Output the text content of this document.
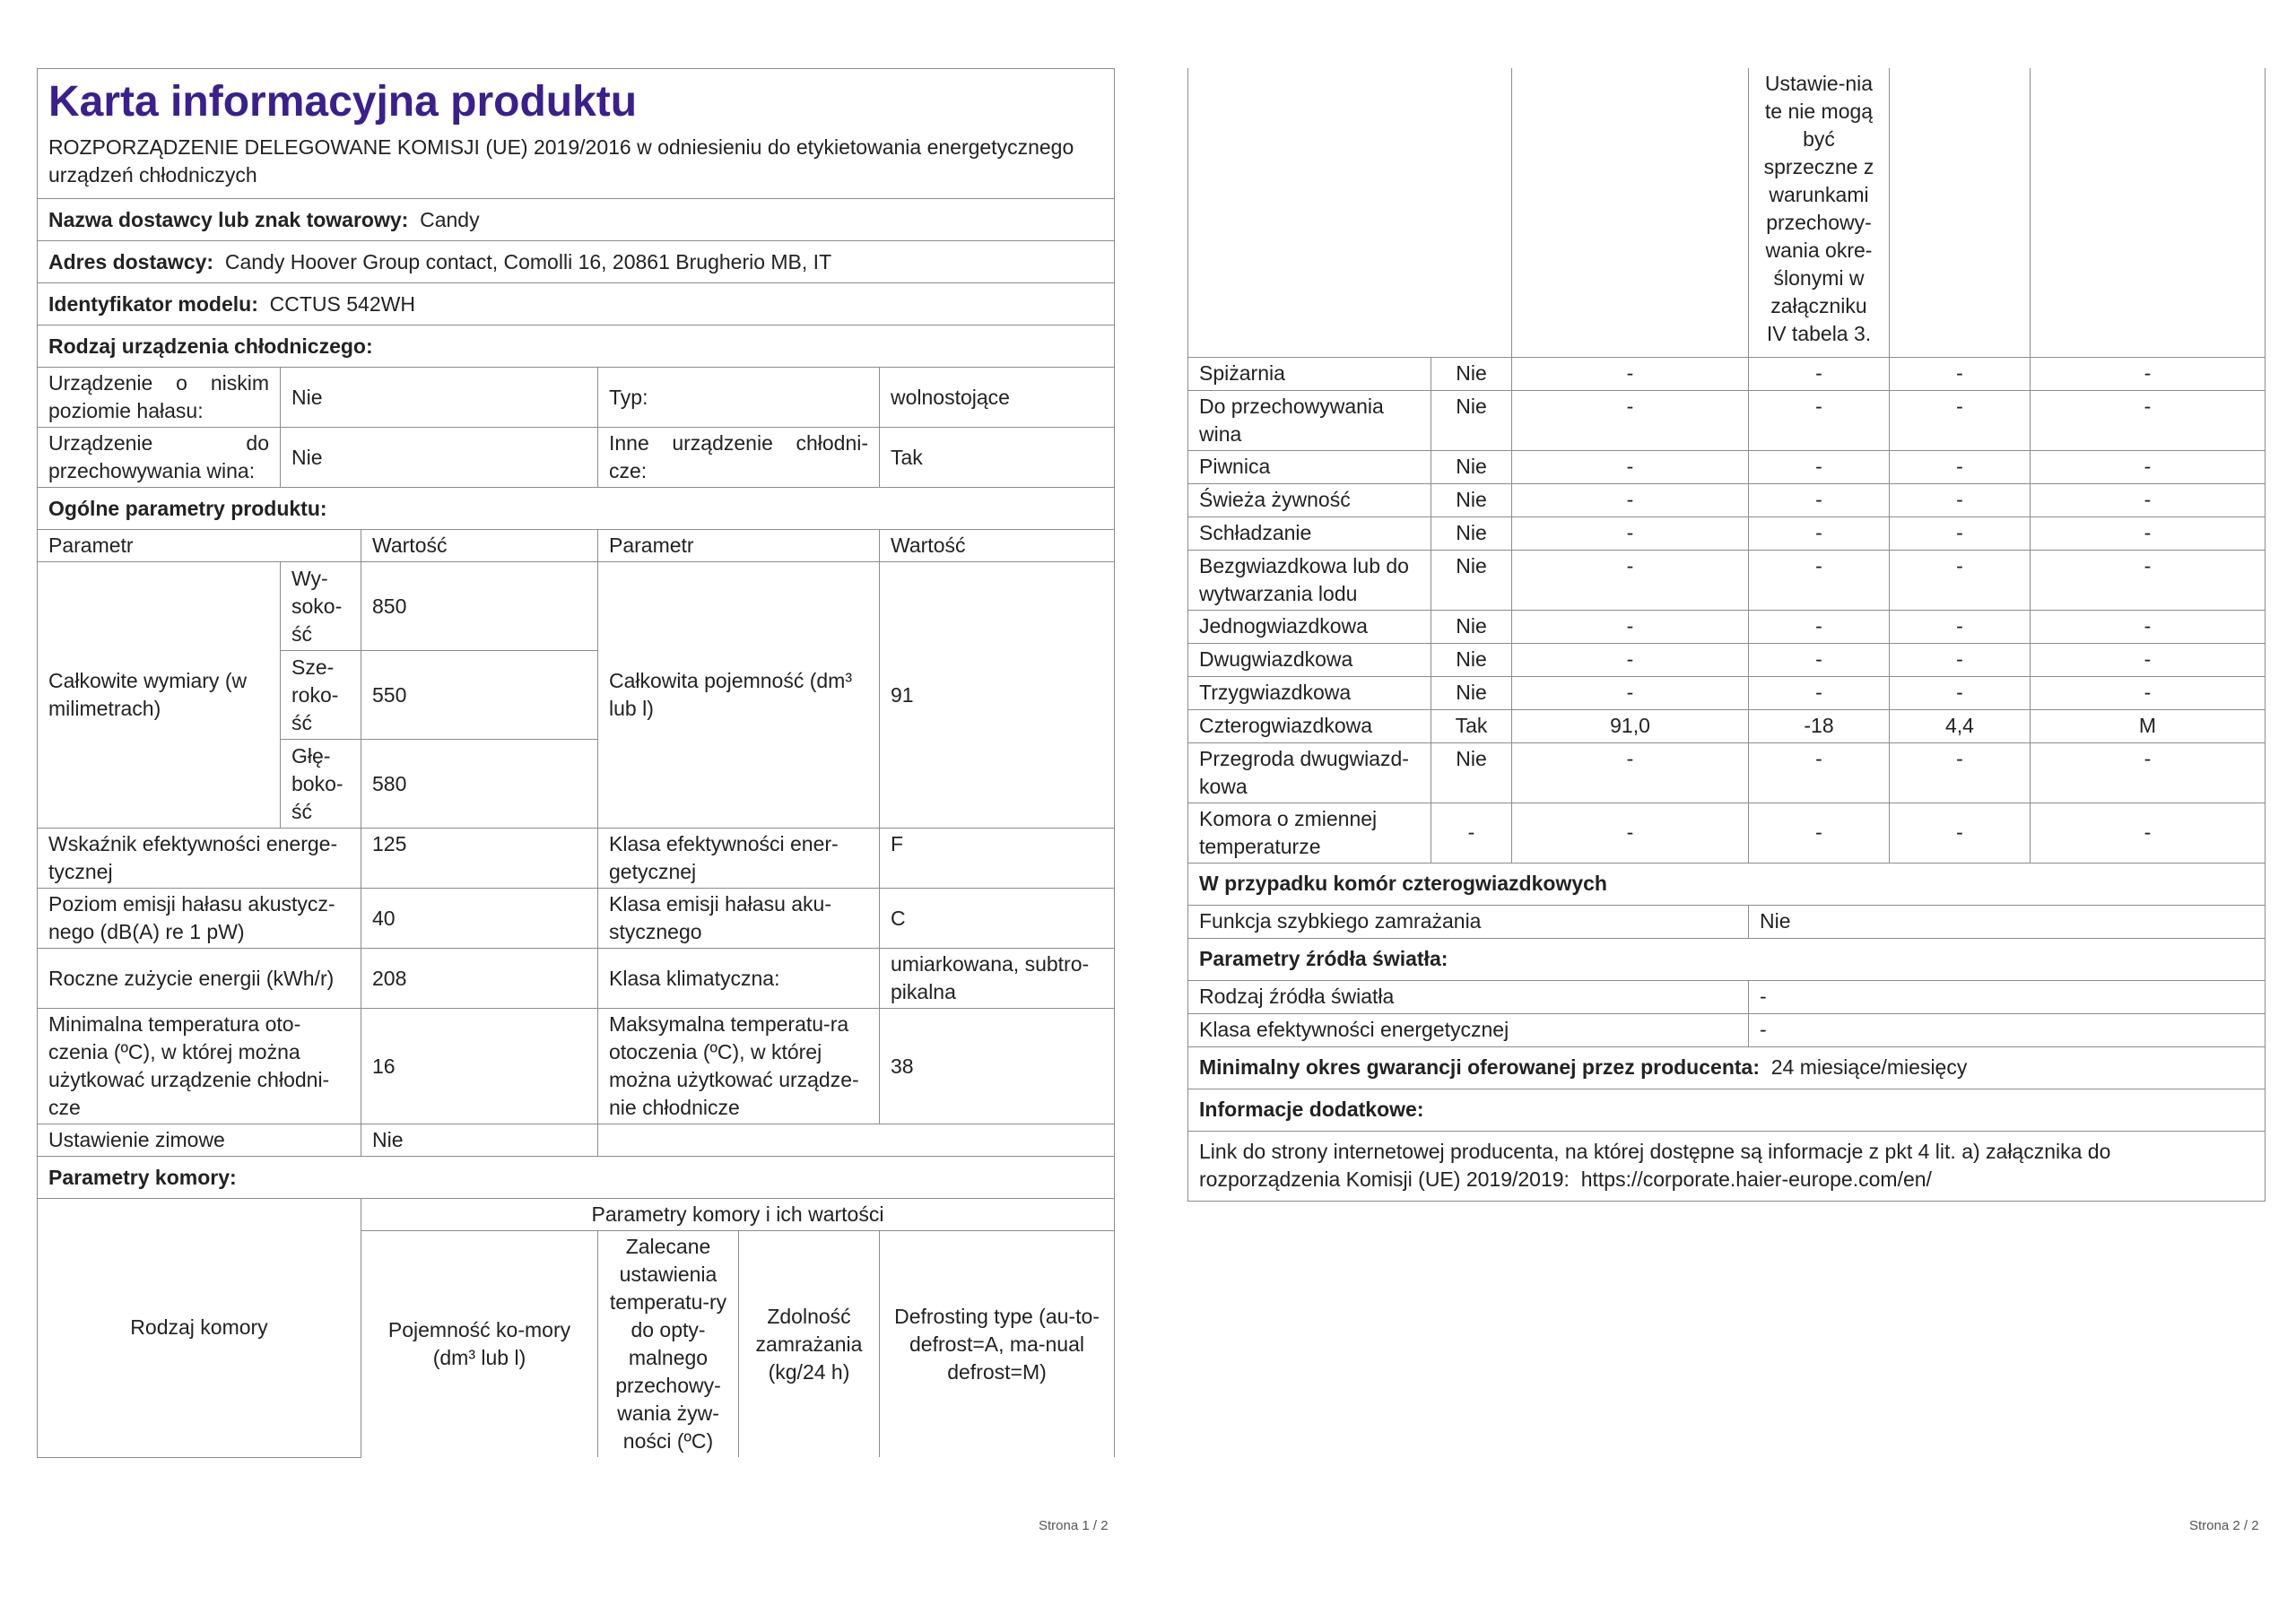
Karta informacyjna produktu					
ROZPORZĄDZENIE DELEGOWANE KOMISJI (UE) 2019/2016 w odniesieniu do etykietowania energetycznego urządzeń chłodniczych					
Nazwa dostawcy lub znak towarowy: Candy					
Adres dostawcy: Candy Hoover Group contact, Comolli 16, 20861 Brugherio MB, IT					
Identyfikator modelu: CCTUS 542WH					
Rodzaj urządzenia chłodniczego:					
Urządzenie o niskim poziomie hałasu:	Nie		Typ:		wolnostojące
Urządzenie do przechowywania wina:	Nie		Inne urządzenie chłodni-cze:		Tak
Ogólne parametry produktu:					
Parametr		Wartość	Parametr		Wartość
Całkowite wymiary (w milimetrach)	Wy-soko-ść	850	Całkowita pojemność (dm³ lub l)		91
	Sze-roko-ść	550			
	Głę-boko-ść	580			
Wskaźnik efektywności energe-tycznej		125	Klasa efektywności ener-getycznej		F
Poziom emisji hałasu akustycz-nego (dB(A) re 1 pW)		40	Klasa emisji hałasu aku-stycznego		C
Roczne zużycie energii (kWh/r)		208	Klasa klimatyczna:		umiarkowana, subtro-pikalna
Minimalna temperatura oto-czenia (ºC), w której można użytkować urządzenie chłodni-cze		16	Maksymalna temperatu-ra otoczenia (ºC), w której można użytkować urządze-nie chłodnicze		38
Ustawienie zimowe		Nie			
Parametry komory:					
Rodzaj komory		Parametry komory i ich wartości			
		Pojemność ko-mory (dm³ lub l)	Zalecane ustawienia temperatu-ry do opty-malnego przechowy-wania żyw-ności (ºC)	Zdolność zamrażania (kg/24 h)	Defrosting type (au-to-defrost=A, ma-nual defrost=M)
Strona 1 / 2
			Ustawie-nia te nie mogą być sprzeczne z warunkami przechowy-wania okre-ślonymi w załączniku IV tabela 3.		
Spiżarnia	Nie	-	-	-	-
Do przechowywania wina	Nie	-	-	-	-
Piwnica	Nie	-	-	-	-
Świeża żywność	Nie	-	-	-	-
Schładzanie	Nie	-	-	-	-
Bezgwiazdkowa lub do wytwarzania lodu	Nie	-	-	-	-
Jednogwiazdkowa	Nie	-	-	-	-
Dwugwiazdkowa	Nie	-	-	-	-
Trzygwiazdkowa	Nie	-	-	-	-
Czterogwiazdkowa	Tak	91,0	-18	4,4	M
Przegroda dwugwiazd-kowa	Nie	-	-	-	-
Komora o zmiennej temperaturze	-	-	-	-	-
W przypadku komór czterogwiazdkowych					
Funkcja szybkiego zamrażania			Nie		
Parametry źródła światła:					
Rodzaj źródła światła			-		
Klasa efektywności energetycznej			-		
Minimalny okres gwarancji oferowanej przez producenta: 24 miesiące/miesięcy					
Informacje dodatkowe:					
Link do strony internetowej producenta, na której dostępne są informacje z pkt 4 lit. a) załącznika do rozporządzenia Komisji (UE) 2019/2019: https://corporate.haier-europe.com/en/					
Strona 2 / 2
